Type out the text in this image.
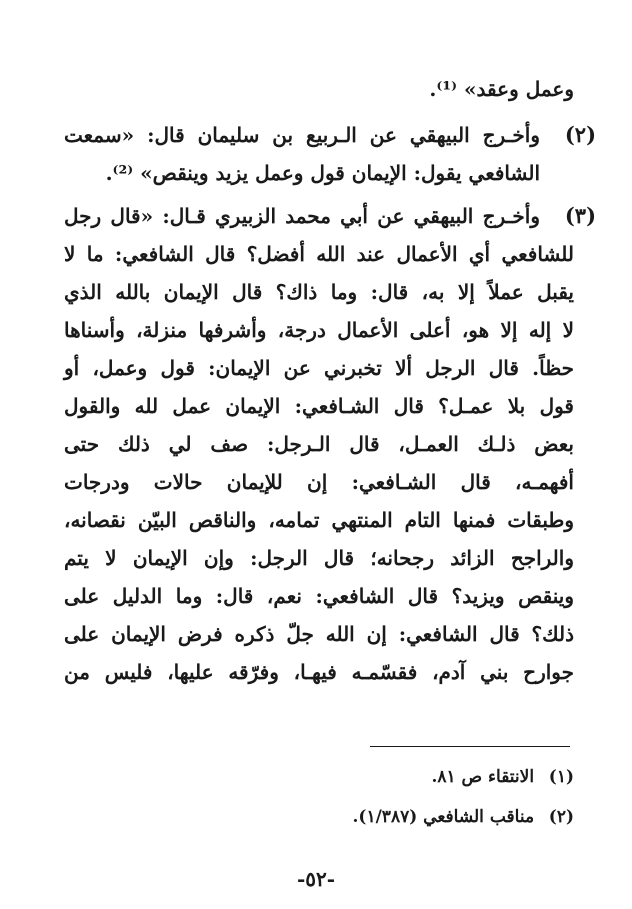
وعمل وعقد» ⁽¹⁾.
(٢)
وأخـرج البيهقي عن الـربيع بن سليمان قال: «سمعت
الشافعي يقول: الإيمان قول وعمل يزيد وينقص» ⁽²⁾.
(٣)
وأخـرج البيهقي عن أبي محمد الزبيري قـال: «قال رجل
للشافعي أي الأعمال عند الله أفضل؟ قال الشافعي: ما لا
يقبل عملاً إلا به، قال: وما ذاك؟ قال الإيمان بالله الذي
لا إله إلا هو، أعلى الأعمال درجة، وأشرفها منزلة، وأسناها
حظاً. قال الرجل ألا تخبرني عن الإيمان: قول وعمل، أو
قول بلا عمـل؟ قال الشـافعي: الإيمان عمل لله والقول
بعض ذلـك العمـل، قال الـرجل: صف لي ذلك حتى
أفهمـه، قال الشـافعي: إن للإيمان حالات ودرجات
وطبقات فمنها التام المنتهي تمامه، والناقص البيّن نقصانه،
والراجح الزائد رجحانه؛ قال الرجل: وإن الإيمان لا يتم
وينقص ويزيد؟ قال الشافعي: نعم، قال: وما الدليل على
ذلك؟ قال الشافعي: إن الله جلّ ذكره فرض الإيمان على
جوارح بني آدم، فقسّمـه فيهـا، وفرّقه عليها، فليس من
(١) الانتقاء ص ٨١.
(٢) مناقب الشافعي (١/٣٨٧).
-٥٢-
